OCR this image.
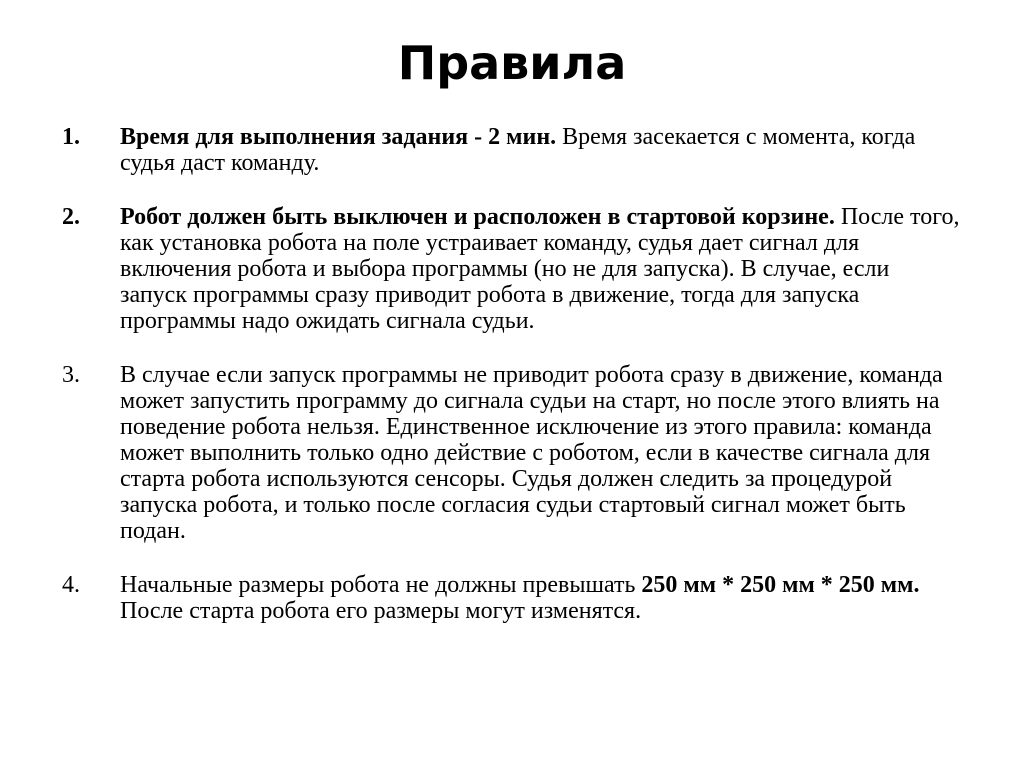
Правила
1.	Время для выполнения задания - 2 мин. Время засекается с момента, когда судья даст команду.
2.	Робот должен быть выключен и расположен в стартовой корзине. После того, как установка робота на поле устраивает команду, судья дает сигнал для включения робота и выбора программы (но не для запуска). В случае, если запуск программы сразу приводит робота в движение, тогда для запуска программы надо ожидать сигнала судьи.
3.	В случае если запуск программы не приводит робота сразу в движение, команда может запустить программу до сигнала судьи на старт, но после этого влиять на поведение робота нельзя. Единственное исключение из этого правила: команда может выполнить только одно действие с роботом, если в качестве сигнала для старта робота используются сенсоры. Судья должен следить за процедурой запуска робота, и только после согласия судьи стартовый сигнал может быть подан.
4.	Начальные размеры робота не должны превышать 250 мм * 250 мм * 250 мм. После старта робота его размеры могут изменятся.
